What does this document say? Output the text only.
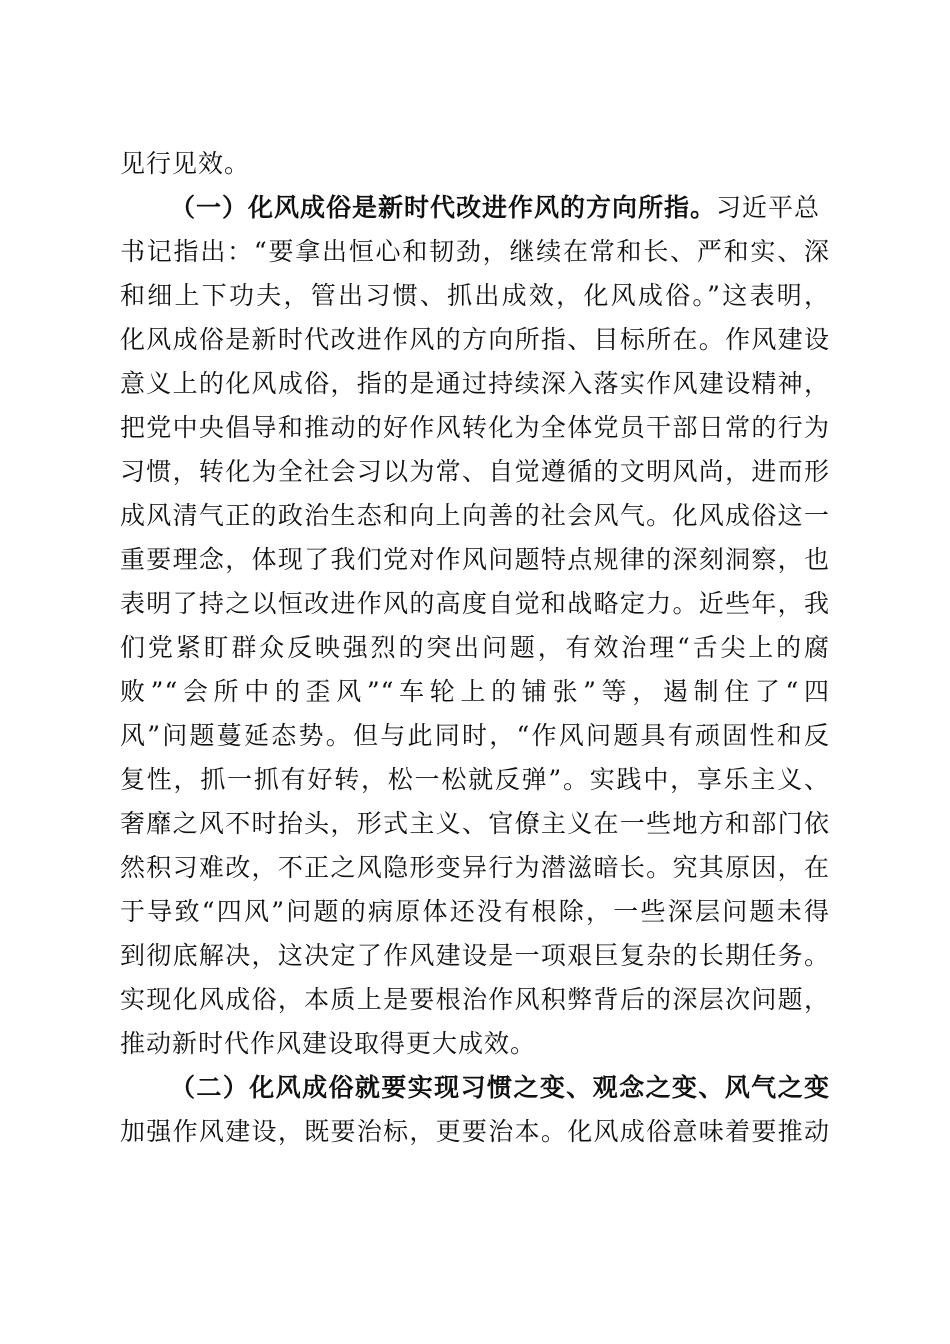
见行见效。
（一）化风成俗是新时代改进作风的方向所指。习近平总
书记指出：“要拿出恒心和韧劲，继续在常和长、严和实、深
和细上下功夫，管出习惯、抓出成效，化风成俗。”这表明，
化风成俗是新时代改进作风的方向所指、目标所在。作风建设
意义上的化风成俗，指的是通过持续深入落实作风建设精神，
把党中央倡导和推动的好作风转化为全体党员干部日常的行为
习惯，转化为全社会习以为常、自觉遵循的文明风尚，进而形
成风清气正的政治生态和向上向善的社会风气。化风成俗这一
重要理念，体现了我们党对作风问题特点规律的深刻洞察，也
表明了持之以恒改进作风的高度自觉和战略定力。近些年，我
们党紧盯群众反映强烈的突出问题，有效治理“舌尖上的腐
败”“会所中的歪风”“车轮上的铺张”等，遏制住了“四
风”问题蔓延态势。但与此同时，“作风问题具有顽固性和反
复性，抓一抓有好转，松一松就反弹”。实践中，享乐主义、
奢靡之风不时抬头，形式主义、官僚主义在一些地方和部门依
然积习难改，不正之风隐形变异行为潜滋暗长。究其原因，在
于导致“四风”问题的病原体还没有根除，一些深层问题未得
到彻底解决，这决定了作风建设是一项艰巨复杂的长期任务。
实现化风成俗，本质上是要根治作风积弊背后的深层次问题，
推动新时代作风建设取得更大成效。
（二）化风成俗就要实现习惯之变、观念之变、风气之变
加强作风建设，既要治标，更要治本。化风成俗意味着要推动
